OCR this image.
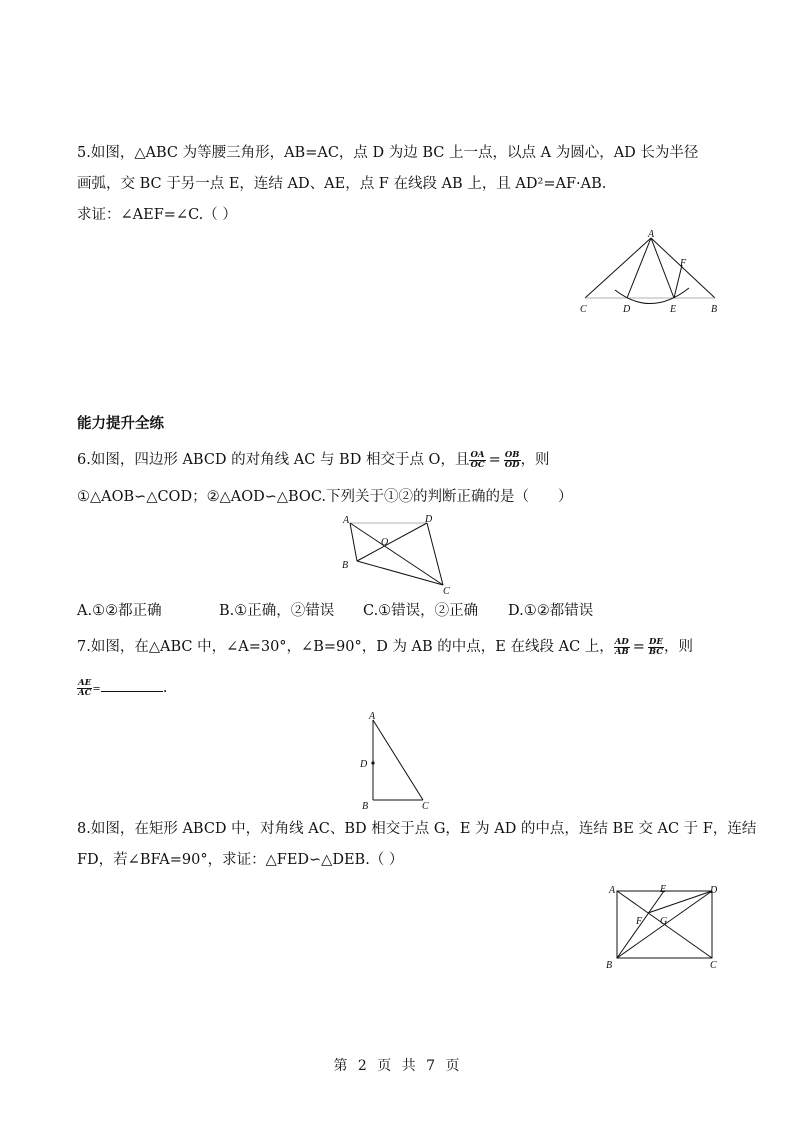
5.如图，△ABC 为等腰三角形，AB=AC，点 D 为边 BC 上一点，以点 A 为圆心，AD 长为半径
画弧，交 BC 于另一点 E，连结 AD、AE，点 F 在线段 AB 上，且 AD²=AF·AB.
求证：∠AEF=∠C.（ ）
A
F
C	D	E	B
能力提升全练
6.如图，四边形 ABCD 的对角线 AC 与 BD 相交于点 O，且 $\frac{OA}{OC} = \frac{OB}{OD}$ ，则
①△AOB∽△COD；②△AOD∽△BOC.下列关于①②的判断正确的是（　　）
A	D
O
B
C
A.①②都正确	B.①正确，②错误 C.①错误，②正确 D.①②都错误
7.如图，在△ABC 中，∠A=30°，∠B=90°，D 为 AB 的中点，E 在线段 AC 上， $\frac{AD}{AB} = \frac{DE}{BC}$ ，则
$\frac{AE}{AC}$ =	.
A
D
B	C
8.如图，在矩形 ABCD 中，对角线 AC、BD 相交于点 G，E 为 AD 的中点，连结 BE 交 AC 于 F，连结
FD，若∠BFA=90°，求证：△FED∽△DEB.（ ）
A	E	D
F G
B	C
第 2 页 共 7 页
